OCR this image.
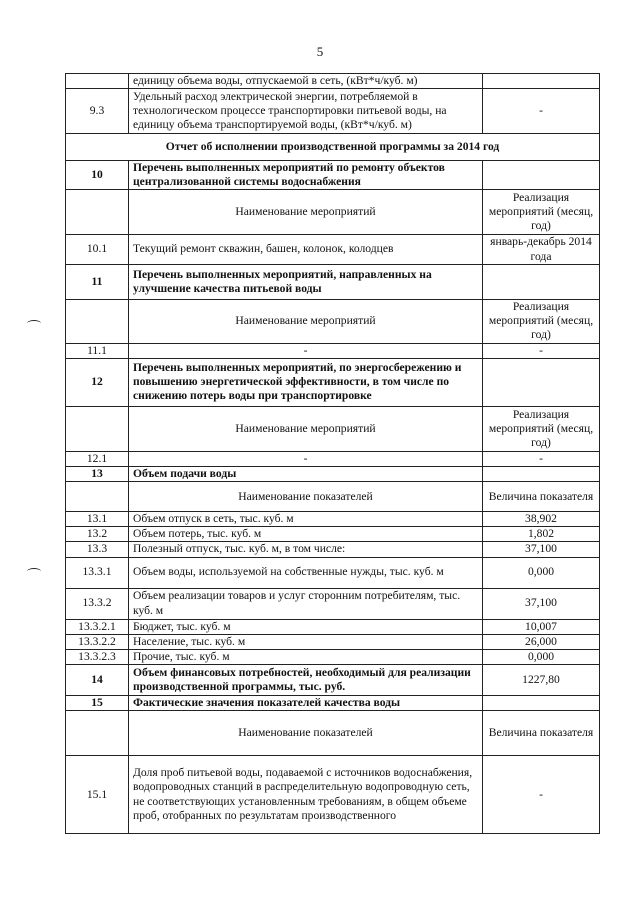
5
	единицу объема воды, отпускаемой в сеть, (кВт*ч/куб. м)	
9.3	Удельный расход электрической энергии, потребляемой в технологическом процессе транспортировки питьевой воды, на единицу объема транспортируемой воды, (кВт*ч/куб. м)	-
Отчет об исполнении производственной программы за 2014 год		
10	Перечень выполненных мероприятий по ремонту объектов централизованной системы водоснабжения	
	Наименование мероприятий	Реализация мероприятий (месяц, год)
10.1	Текущий ремонт скважин, башен, колонок, колодцев	январь-декабрь 2014 года
11	Перечень выполненных мероприятий, направленных на улучшение качества питьевой воды	
	Наименование мероприятий	Реализация мероприятий (месяц, год)
11.1	-	-
12	Перечень выполненных мероприятий, по энергосбережению и повышению энергетической эффективности, в том числе по снижению потерь воды при транспортировке	
	Наименование мероприятий	Реализация мероприятий (месяц, год)
12.1	-	-
13	Объем подачи воды	
	Наименование показателей	Величина показателя
13.1	Объем отпуск в сеть, тыс. куб. м	38,902
13.2	Объем потерь, тыс. куб. м	1,802
13.3	Полезный отпуск, тыс. куб. м, в том числе:	37,100
13.3.1	Объем воды, используемой на собственные нужды, тыс. куб. м	0,000
13.3.2	Объем реализации товаров и услуг сторонним потребителям, тыс. куб. м	37,100
13.3.2.1	Бюджет, тыс. куб. м	10,007
13.3.2.2	Население, тыс. куб. м	26,000
13.3.2.3	Прочие, тыс. куб. м	0,000
14	Объем финансовых потребностей, необходимый для реализации производственной программы, тыс. руб.	1227,80
15	Фактические значения показателей качества воды	
	Наименование показателей	Величина показателя
15.1	Доля проб питьевой воды, подаваемой с источников водоснабжения, водопроводных станций в распределительную водопроводную сеть, не соответствующих установленным требованиям, в общем объеме проб, отобранных по результатам производственного	-
